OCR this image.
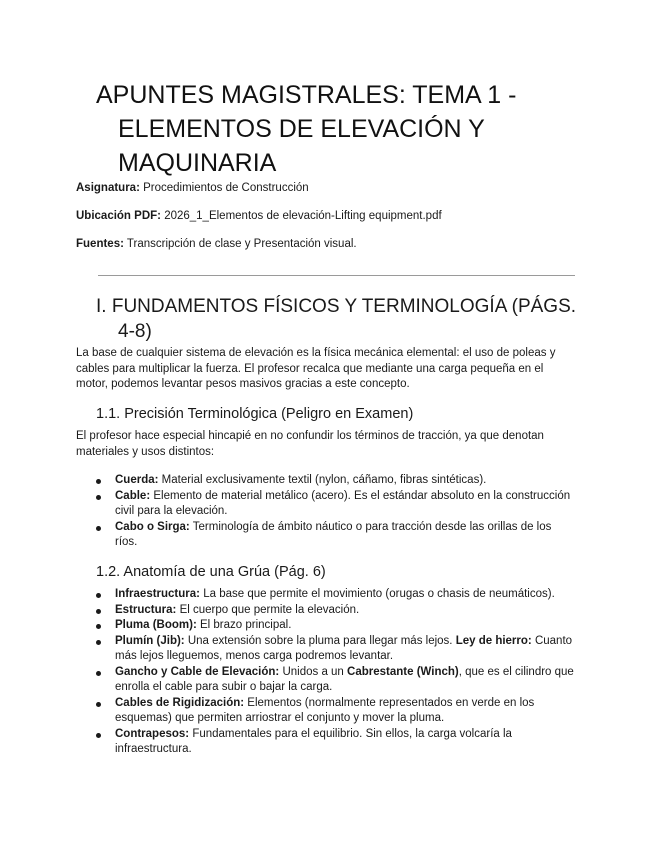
APUNTES MAGISTRALES: TEMA 1 - ELEMENTOS DE ELEVACIÓN Y MAQUINARIA

Asignatura: Procedimientos de Construcción

Ubicación PDF: 2026_1_Elementos de elevación-Lifting equipment.pdf

Fuentes: Transcripción de clase y Presentación visual.

I. FUNDAMENTOS FÍSICOS Y TERMINOLOGÍA (PÁGS. 4-8)

La base de cualquier sistema de elevación es la física mecánica elemental: el uso de poleas y cables para multiplicar la fuerza. El profesor recalca que mediante una carga pequeña en el motor, podemos levantar pesos masivos gracias a este concepto.

1.1. Precisión Terminológica (Peligro en Examen)

El profesor hace especial hincapié en no confundir los términos de tracción, ya que denotan materiales y usos distintos:

Cuerda: Material exclusivamente textil (nylon, cáñamo, fibras sintéticas).
Cable: Elemento de material metálico (acero). Es el estándar absoluto en la construcción civil para la elevación.
Cabo o Sirga: Terminología de ámbito náutico o para tracción desde las orillas de los ríos.
1.2. Anatomía de una Grúa (Pág. 6)
Infraestructura: La base que permite el movimiento (orugas o chasis de neumáticos).
Estructura: El cuerpo que permite la elevación.
Pluma (Boom): El brazo principal.
Plumín (Jib): Una extensión sobre la pluma para llegar más lejos. Ley de hierro: Cuanto más lejos lleguemos, menos carga podremos levantar.
Gancho y Cable de Elevación: Unidos a un Cabrestante (Winch), que es el cilindro que enrolla el cable para subir o bajar la carga.
Cables de Rigidización: Elementos (normalmente representados en verde en los esquemas) que permiten arriostrar el conjunto y mover la pluma.
Contrapesos: Fundamentales para el equilibrio. Sin ellos, la carga volcaría la infraestructura.
